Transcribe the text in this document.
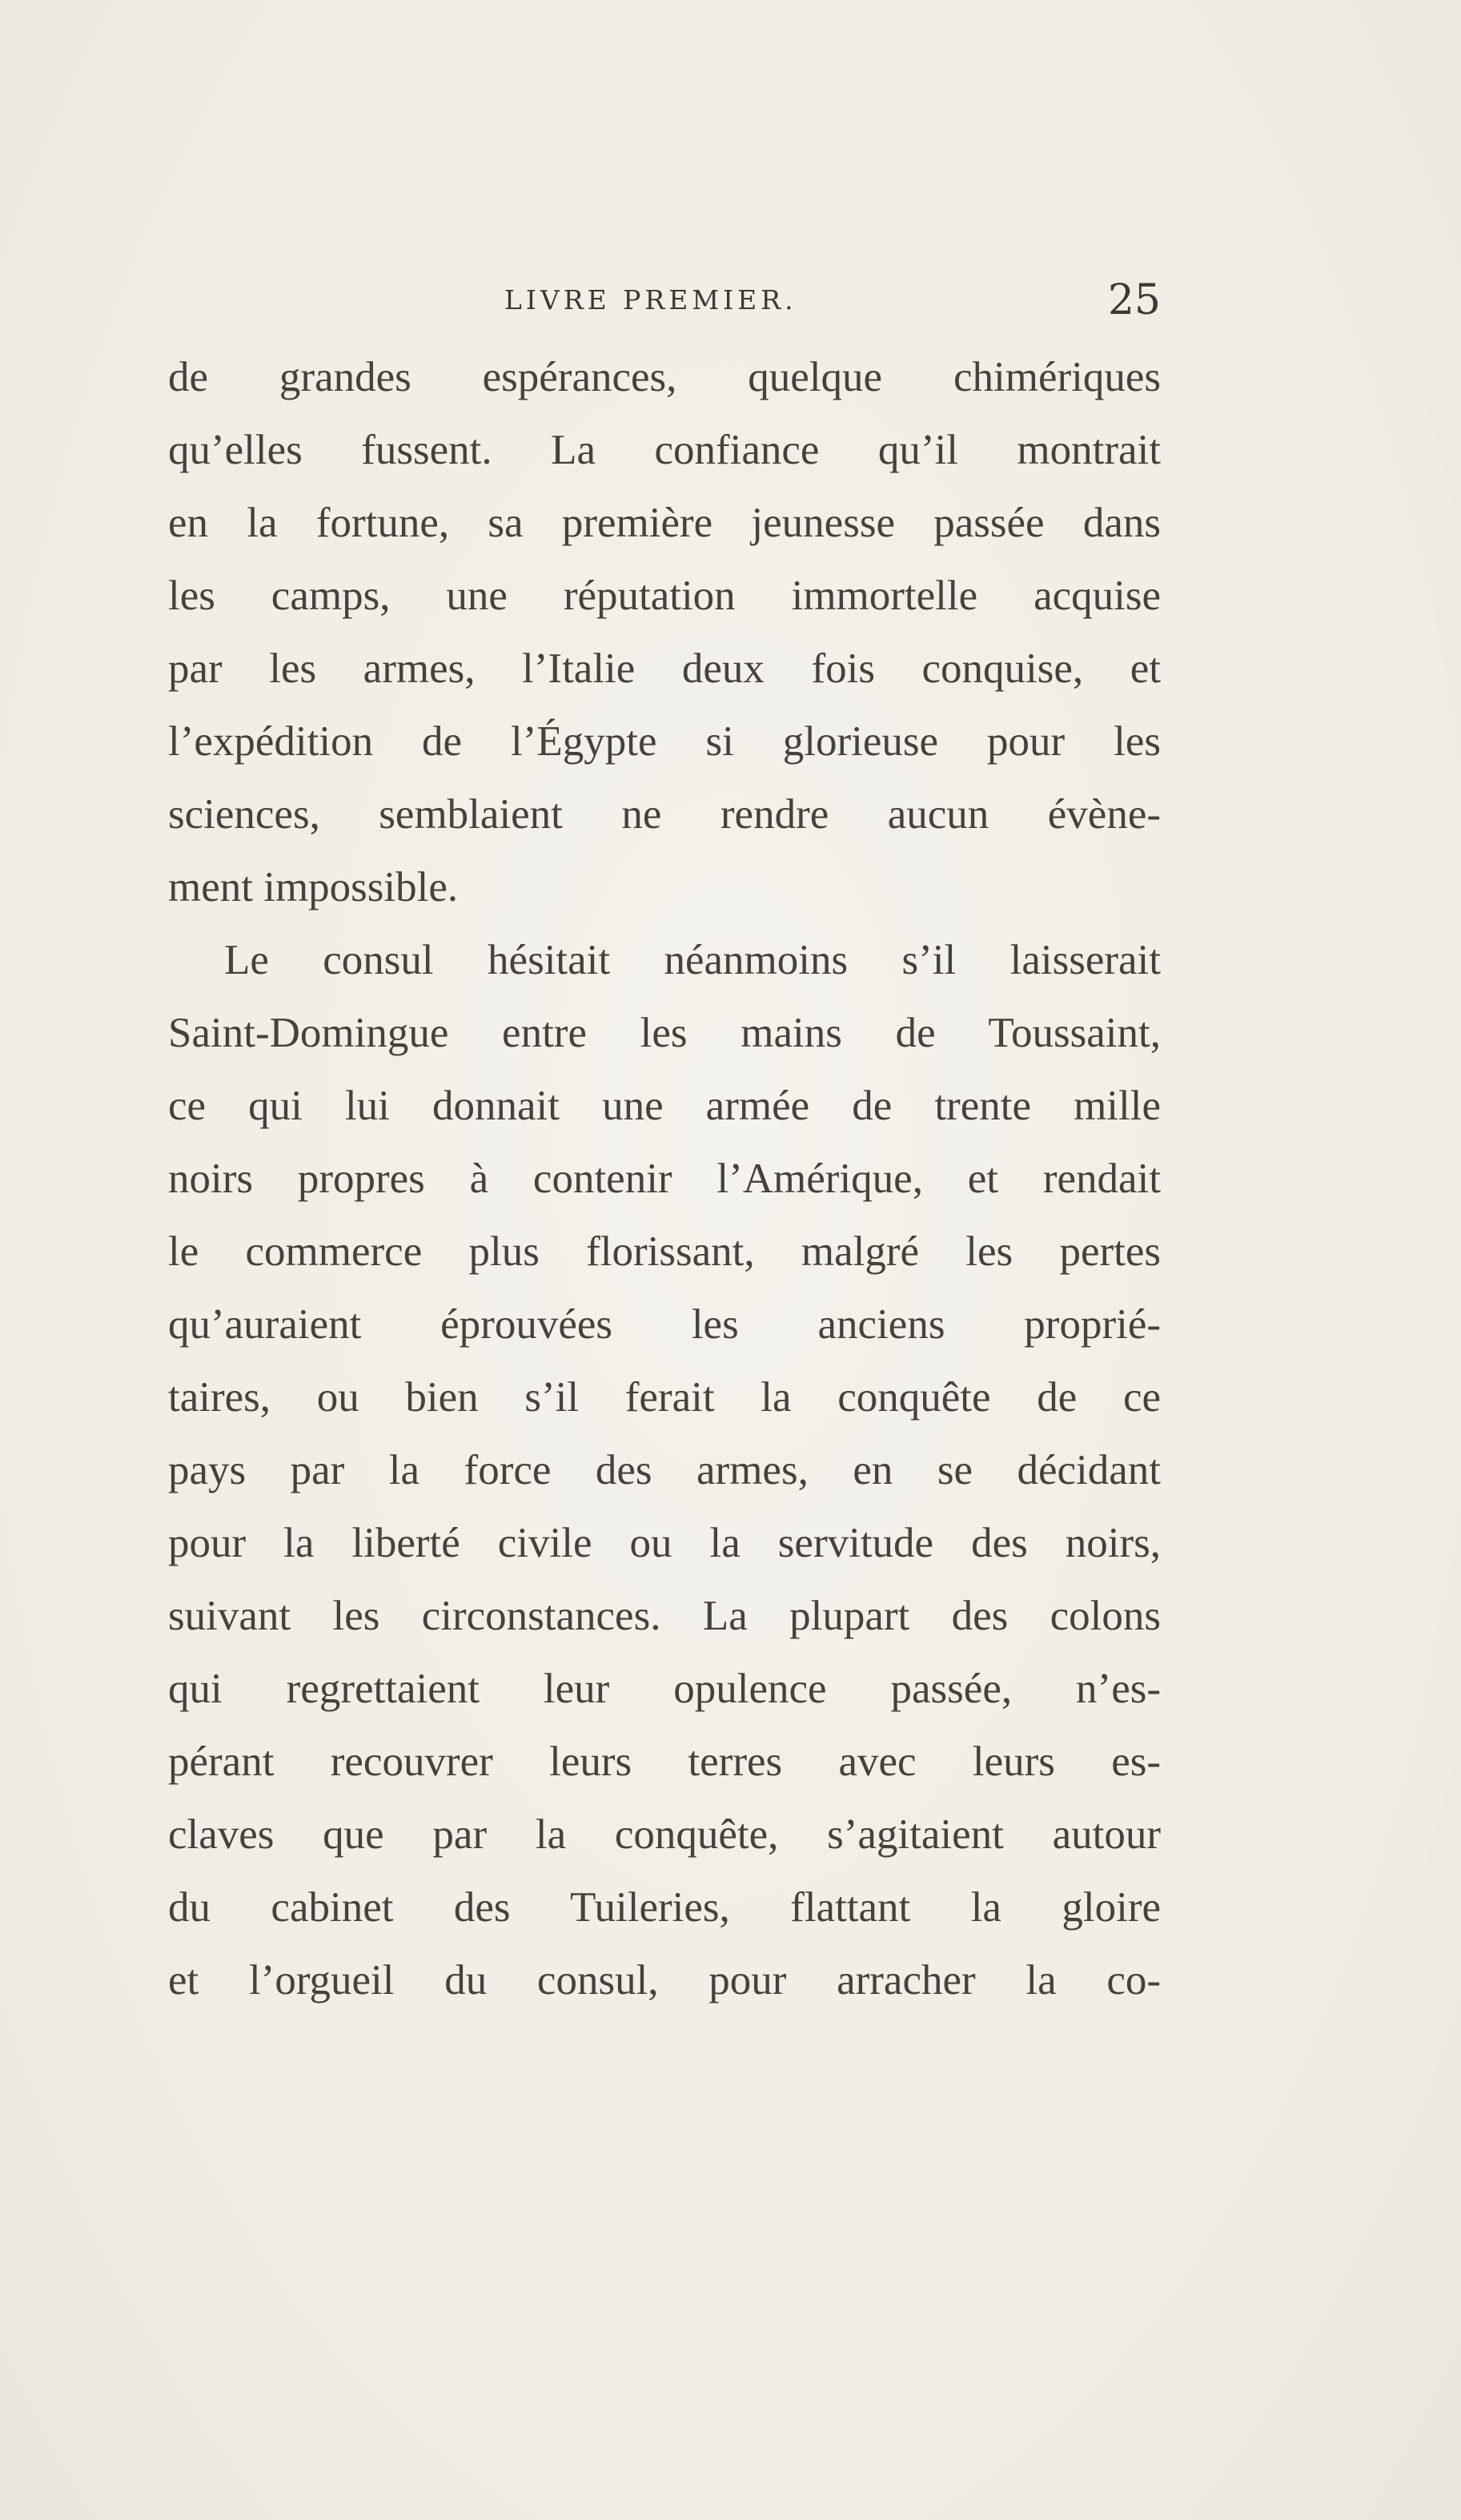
LIVRE PREMIER.	25
de grandes espérances, quelque chimériques
qu’elles fussent. La confiance qu’il montrait
en la fortune, sa première jeunesse passée dans
les camps, une réputation immortelle acquise
par les armes, l’Italie deux fois conquise, et
l’expédition de l’Égypte si glorieuse pour les
sciences, semblaient ne rendre aucun évène-
ment impossible.
Le consul hésitait néanmoins s’il laisserait
Saint-Domingue entre les mains de Toussaint,
ce qui lui donnait une armée de trente mille
noirs propres à contenir l’Amérique, et rendait
le commerce plus florissant, malgré les pertes
qu’auraient éprouvées les anciens proprié-
taires, ou bien s’il ferait la conquête de ce
pays par la force des armes, en se décidant
pour la liberté civile ou la servitude des noirs,
suivant les circonstances. La plupart des colons
qui regrettaient leur opulence passée, n’es-
pérant recouvrer leurs terres avec leurs es-
claves que par la conquête, s’agitaient autour
du cabinet des Tuileries, flattant la gloire
et l’orgueil du consul, pour arracher la co-
